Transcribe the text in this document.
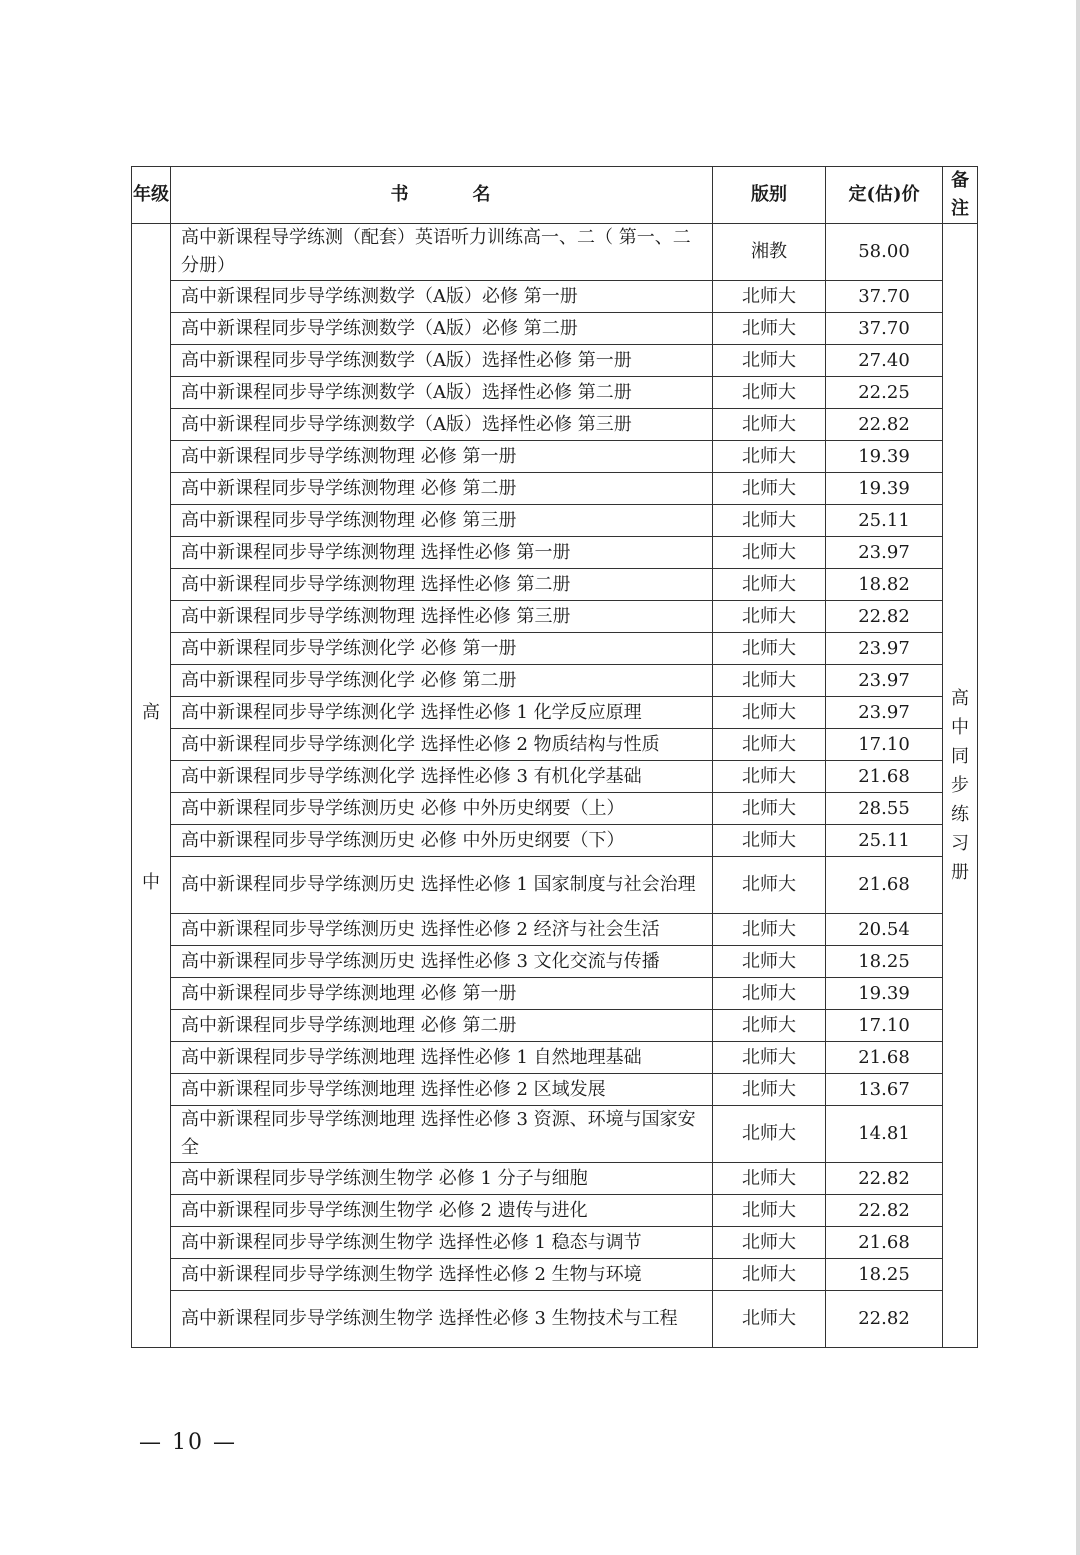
年级	书 名	版别	定(估)价	备注

高
中	高中新课程导学练测（配套）英语听力训练高一、二（ 第一、二分册）	湘教	58.00	高中同步练习册
	高中新课程同步导学练测数学（A版）必修 第一册	北师大	37.70	
	高中新课程同步导学练测数学（A版）必修 第二册	北师大	37.70	
	高中新课程同步导学练测数学（A版）选择性必修 第一册	北师大	27.40	
	高中新课程同步导学练测数学（A版）选择性必修 第二册	北师大	22.25	
	高中新课程同步导学练测数学（A版）选择性必修 第三册	北师大	22.82	
	高中新课程同步导学练测物理 必修 第一册	北师大	19.39	
	高中新课程同步导学练测物理 必修 第二册	北师大	19.39	
	高中新课程同步导学练测物理 必修 第三册	北师大	25.11	
	高中新课程同步导学练测物理 选择性必修 第一册	北师大	23.97	
	高中新课程同步导学练测物理 选择性必修 第二册	北师大	18.82	
	高中新课程同步导学练测物理 选择性必修 第三册	北师大	22.82	
	高中新课程同步导学练测化学 必修 第一册	北师大	23.97	
	高中新课程同步导学练测化学 必修 第二册	北师大	23.97	
	高中新课程同步导学练测化学 选择性必修 1 化学反应原理	北师大	23.97	
	高中新课程同步导学练测化学 选择性必修 2 物质结构与性质	北师大	17.10	
	高中新课程同步导学练测化学 选择性必修 3 有机化学基础	北师大	21.68	
	高中新课程同步导学练测历史 必修 中外历史纲要（上）	北师大	28.55	
	高中新课程同步导学练测历史 必修 中外历史纲要（下）	北师大	25.11	
	高中新课程同步导学练测历史 选择性必修 1 国家制度与社会治理	北师大	21.68	
	高中新课程同步导学练测历史 选择性必修 2 经济与社会生活	北师大	20.54	
	高中新课程同步导学练测历史 选择性必修 3 文化交流与传播	北师大	18.25	
	高中新课程同步导学练测地理 必修 第一册	北师大	19.39	
	高中新课程同步导学练测地理 必修 第二册	北师大	17.10	
	高中新课程同步导学练测地理 选择性必修 1 自然地理基础	北师大	21.68	
	高中新课程同步导学练测地理 选择性必修 2 区域发展	北师大	13.67	
	高中新课程同步导学练测地理 选择性必修 3 资源、环境与国家安全	北师大	14.81	
	高中新课程同步导学练测生物学 必修 1 分子与细胞	北师大	22.82	
	高中新课程同步导学练测生物学 必修 2 遗传与进化	北师大	22.82	
	高中新课程同步导学练测生物学 选择性必修 1 稳态与调节	北师大	21.68	
	高中新课程同步导学练测生物学 选择性必修 2 生物与环境	北师大	18.25	
	高中新课程同步导学练测生物学 选择性必修 3 生物技术与工程	北师大	22.82	
— 10 —
